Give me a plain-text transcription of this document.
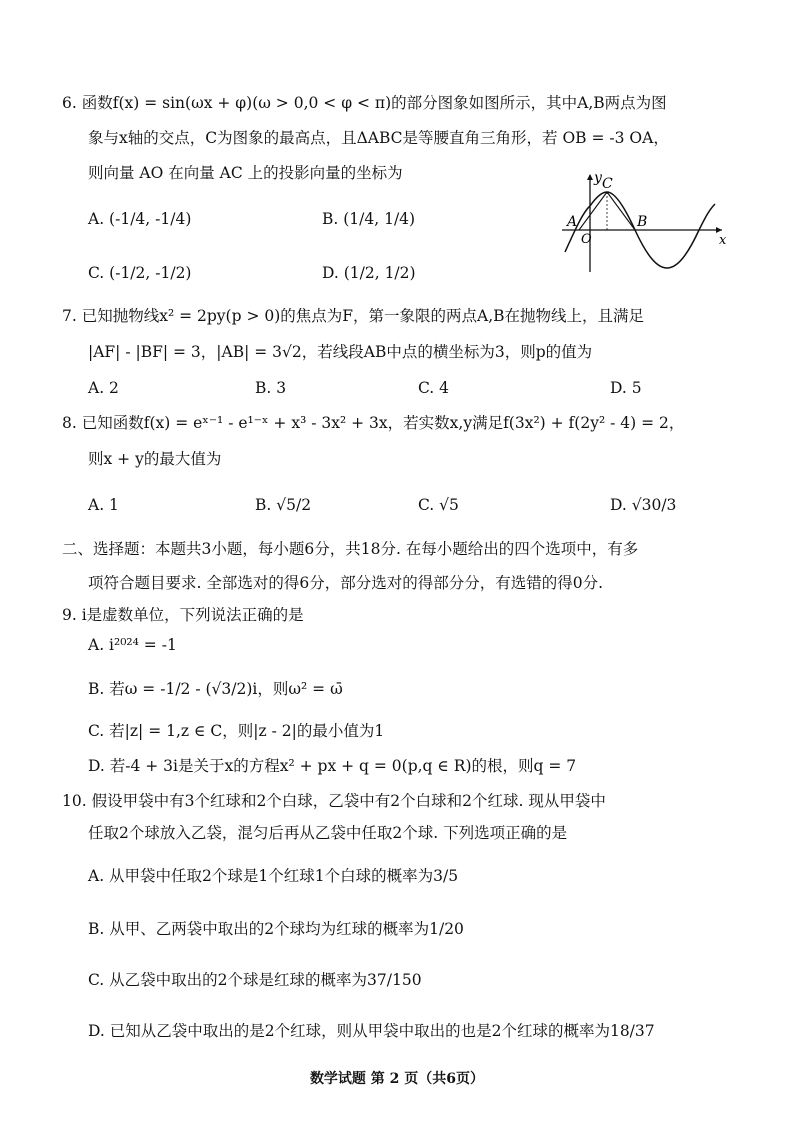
6. 函数f(x) = sin(ωx + φ)(ω > 0,0 < φ < π)的部分图象如图所示，其中A,B两点为图
象与x轴的交点，C为图象的最高点，且ΔABC是等腰直角三角形，若 OB = -3 OA，
则向量 AO 在向量 AC 上的投影向量的坐标为
A. (-1/4, -1/4)	B. (1/4, 1/4)
C. (-1/2, -1/2)	D. (1/2, 1/2)
y
x
O
A	B
C
7. 已知抛物线x² = 2py(p > 0)的焦点为F，第一象限的两点A,B在抛物线上，且满足
|AF| - |BF| = 3，|AB| = 3√2，若线段AB中点的横坐标为3，则p的值为
A. 2	B. 3	C. 4	D. 5
8. 已知函数f(x) = eˣ⁻¹ - e¹⁻ˣ + x³ - 3x² + 3x，若实数x,y满足f(3x²) + f(2y² - 4) = 2，
则x + y的最大值为
A. 1	B. √5/2	C. √5	D. √30/3
二、选择题：本题共3小题，每小题6分，共18分. 在每小题给出的四个选项中，有多
项符合题目要求. 全部选对的得6分，部分选对的得部分分，有选错的得0分.
9. i是虚数单位，下列说法正确的是
A. i²⁰²⁴ = -1
B. 若ω = -1/2 - (√3/2)i，则ω² = ω̄
C. 若|z| = 1,z ∈ C，则|z - 2|的最小值为1
D. 若-4 + 3i是关于x的方程x² + px + q = 0(p,q ∈ R)的根，则q = 7
10. 假设甲袋中有3个红球和2个白球，乙袋中有2个白球和2个红球. 现从甲袋中
任取2个球放入乙袋，混匀后再从乙袋中任取2个球. 下列选项正确的是
A. 从甲袋中任取2个球是1个红球1个白球的概率为3/5
B. 从甲、乙两袋中取出的2个球均为红球的概率为1/20
C. 从乙袋中取出的2个球是红球的概率为37/150
D. 已知从乙袋中取出的是2个红球，则从甲袋中取出的也是2个红球的概率为18/37
数学试题 第 2 页（共6页）
